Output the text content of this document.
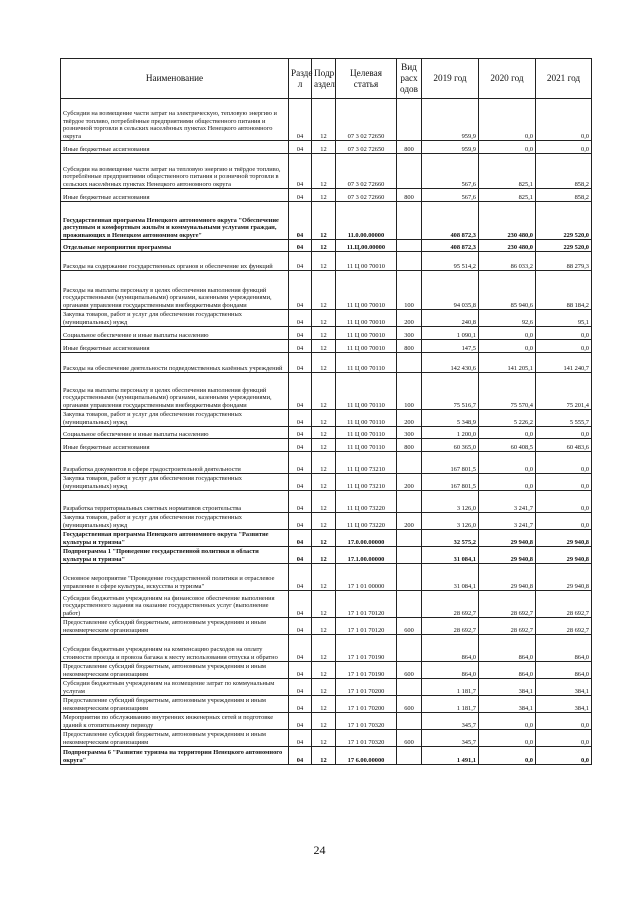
Наименование	Разде л	Подр аздел	Целевая статья	Вид расх одов	2019 год	2020 год	2021 год
Субсидии на возмещение части затрат на электрическую, тепловую энергию и твёрдое топливо, потреблённые предприятиями общественного питания и розничной торговли в сельских населённых пунктах Ненецкого автономного округа	04	12	07 3 02 72650		959,9	0,0	0,0
Иные бюджетные ассигнования	04	12	07 3 02 72650	800	959,9	0,0	0,0
Субсидии на возмещение части затрат на тепловую энергию и твёрдое топливо, потреблённые предприятиями общественного питания и розничной торговли в сельских населённых пунктах Ненецкого автономного округа	04	12	07 3 02 72660		567,6	825,1	858,2
Иные бюджетные ассигнования	04	12	07 3 02 72660	800	567,6	825,1	858,2
Государственная программа Ненецкого автономного округа "Обеспечение доступным и комфортным жильём и коммунальными услугами граждан, проживающих в Ненецком автономном округе"	04	12	11.0.00.00000		408 872,3	230 480,0	229 520,0
Отдельные мероприятия программы	04	12	11.Ц.00.00000		408 872,3	230 480,0	229 520,0
Расходы на содержание государственных органов и обеспечение их функций	04	12	11 Ц 00 70010		95 514,2	86 033,2	88 279,3
Расходы на выплаты персоналу в целях обеспечения выполнения функций государственными (муниципальными) органами, казенными учреждениями, органами управления государственными внебюджетными фондами	04	12	11 Ц 00 70010	100	94 035,8	85 940,6	88 184,2
Закупка товаров, работ и услуг для обеспечения государственных (муниципальных) нужд	04	12	11 Ц 00 70010	200	240,8	92,6	95,1
Социальное обеспечение и иные выплаты населению	04	12	11 Ц 00 70010	300	1 090,1	0,0	0,0
Иные бюджетные ассигнования	04	12	11 Ц 00 70010	800	147,5	0,0	0,0
Расходы на обеспечение деятельности подведомственных казённых учреждений	04	12	11 Ц 00 70110		142 430,6	141 205,1	141 240,7
Расходы на выплаты персоналу в целях обеспечения выполнения функций государственными (муниципальными) органами, казенными учреждениями, органами управления государственными внебюджетными фондами	04	12	11 Ц 00 70110	100	75 516,7	75 570,4	75 201,4
Закупка товаров, работ и услуг для обеспечения государственных (муниципальных) нужд	04	12	11 Ц 00 70110	200	5 348,9	5 226,2	5 555,7
Социальное обеспечение и иные выплаты населению	04	12	11 Ц 00 70110	300	1 200,0	0,0	0,0
Иные бюджетные ассигнования	04	12	11 Ц 00 70110	800	60 365,0	60 408,5	60 483,6
Разработка документов в сфере градостроительной деятельности	04	12	11 Ц 00 73210		167 801,5	0,0	0,0
Закупка товаров, работ и услуг для обеспечения государственных (муниципальных) нужд	04	12	11 Ц 00 73210	200	167 801,5	0,0	0,0
Разработка территориальных сметных нормативов строительства	04	12	11 Ц 00 73220		3 126,0	3 241,7	0,0
Закупка товаров, работ и услуг для обеспечения государственных (муниципальных) нужд	04	12	11 Ц 00 73220	200	3 126,0	3 241,7	0,0
Государственная программа Ненецкого автономного округа "Развитие культуры и туризма"	04	12	17.0.00.00000		32 575,2	29 940,8	29 940,8
Подпрограмма 1 "Проведение государственной политики в области культуры и туризма"	04	12	17.1.00.00000		31 084,1	29 940,8	29 940,8
Основное мероприятие "Проведение государственной политики и отраслевое управление в сфере культуры, искусства и туризма"	04	12	17 1 01 00000		31 084,1	29 940,8	29 940,8
Субсидии бюджетным учреждениям на финансовое обеспечение выполнения государственного задания на оказание государственных услуг (выполнение работ)	04	12	17 1 01 70120		28 692,7	28 692,7	28 692,7
Предоставление субсидий бюджетным, автономным учреждениям и иным некоммерческим организациям	04	12	17 1 01 70120	600	28 692,7	28 692,7	28 692,7
Субсидии бюджетным учреждениям на компенсацию расходов на оплату стоимости проезда и провоза багажа к месту использования отпуска и обратно	04	12	17 1 01 70190		864,0	864,0	864,0
Предоставление субсидий бюджетным, автономным учреждениям и иным некоммерческим организациям	04	12	17 1 01 70190	600	864,0	864,0	864,0
Субсидии бюджетным учреждениям на возмещение затрат по коммунальным услугам	04	12	17 1 01 70200		1 181,7	384,1	384,1
Предоставление субсидий бюджетным, автономным учреждениям и иным некоммерческим организациям	04	12	17 1 01 70200	600	1 181,7	384,1	384,1
Мероприятия по обслуживанию внутренних инженерных сетей и подготовке зданий к отопительному периоду	04	12	17 1 01 70320		345,7	0,0	0,0
Предоставление субсидий бюджетным, автономным учреждениям и иным некоммерческим организациям	04	12	17 1 01 70320	600	345,7	0,0	0,0
Подпрограмма 6 "Развитие туризма на территории Ненецкого автономного округа"	04	12	17 6.00.00000		1 491,1	0,0	0,0
24
